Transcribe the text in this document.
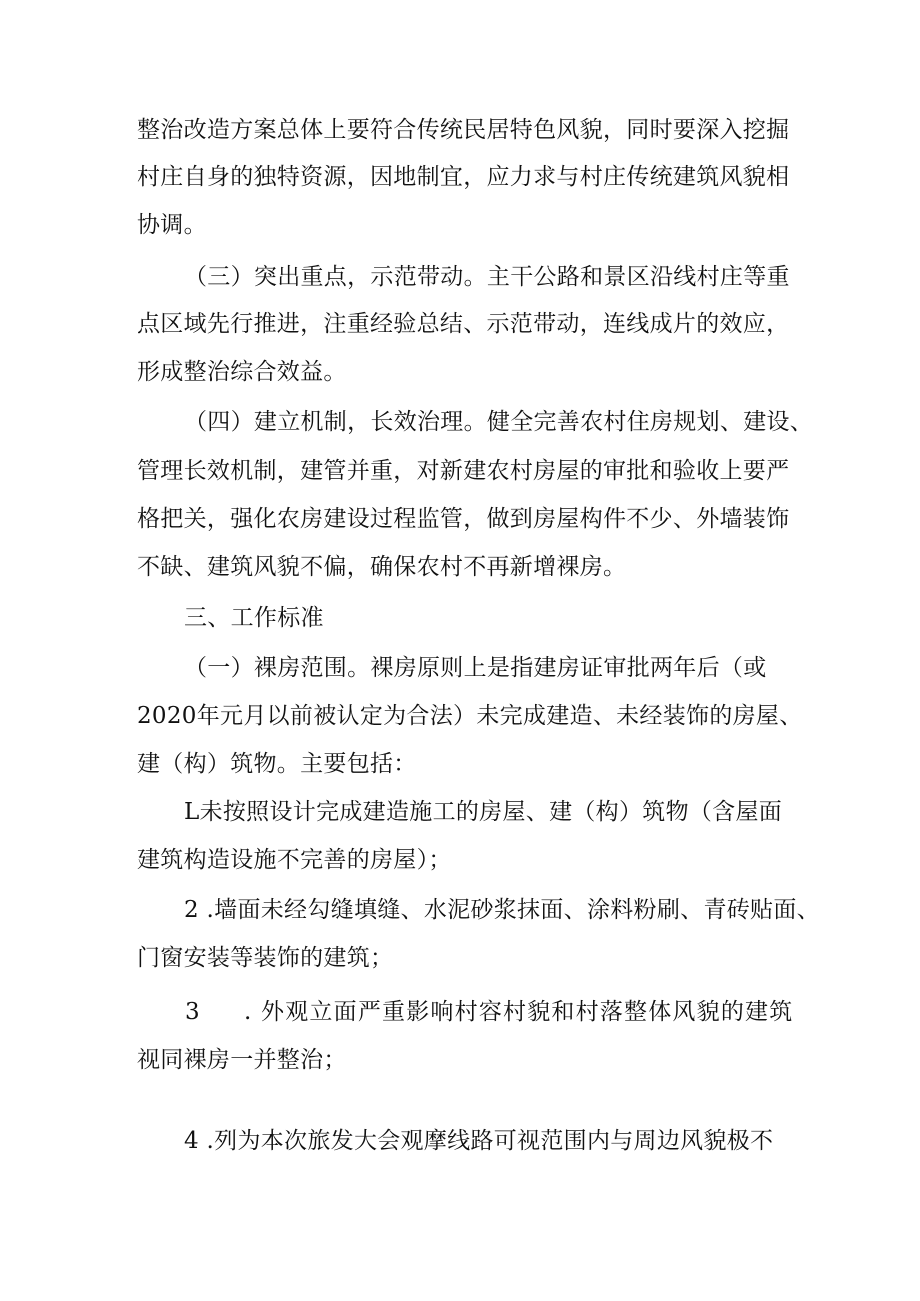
整治改造方案总体上要符合传统民居特色风貌，同时要深入挖掘
村庄自身的独特资源，因地制宜，应力求与村庄传统建筑风貌相
协调。
（三）突出重点，示范带动。主干公路和景区沿线村庄等重
点区域先行推进，注重经验总结、示范带动，连线成片的效应，
形成整治综合效益。
（四）建立机制，长效治理。健全完善农村住房规划、建设、
管理长效机制，建管并重，对新建农村房屋的审批和验收上要严
格把关，强化农房建设过程监管，做到房屋构件不少、外墙装饰
不缺、建筑风貌不偏，确保农村不再新增裸房。
三、工作标准
（一）裸房范围。裸房原则上是指建房证审批两年后（或
2020年元月以前被认定为合法）未完成建造、未经装饰的房屋、
建（构）筑物。主要包括：
L未按照设计完成建造施工的房屋、建（构）筑物（含屋面
建筑构造设施不完善的房屋）；
2 .墙面未经勾缝填缝、水泥砂浆抹面、涂料粉刷、青砖贴面、
门窗安装等装饰的建筑；
3 . 外观立面严重影响村容村貌和村落整体风貌的建筑
视同裸房一并整治；
4 .列为本次旅发大会观摩线路可视范围内与周边风貌极不
